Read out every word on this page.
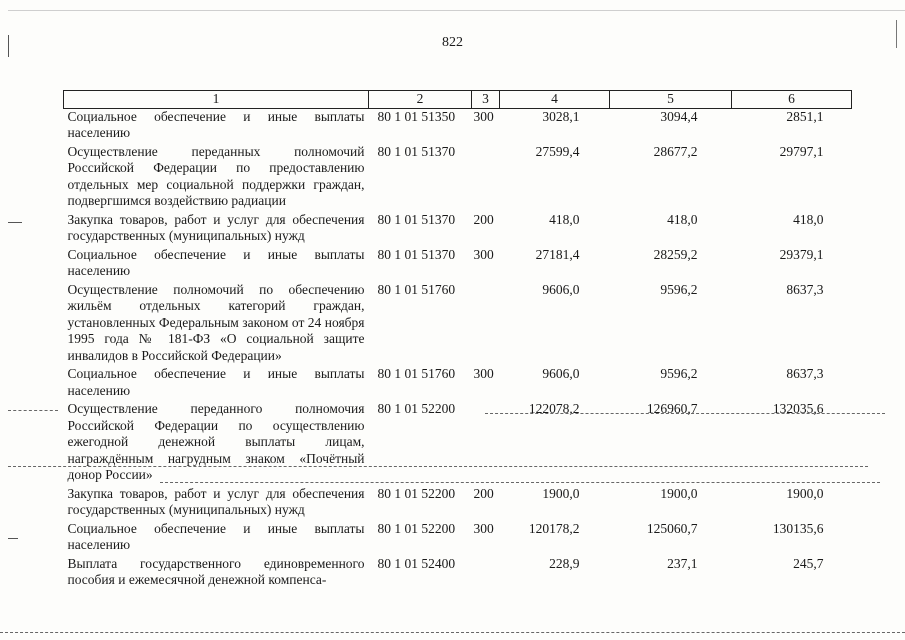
822
1	2	3	4	5	6
Социальное обеспечение и иные выплаты населению	80 1 01 51350	300	3028,1	3094,4	2851,1
Осуществление переданных полномочий Российской Федерации по предоставлению отдельных мер социальной поддержки граждан, подвергшимся воздействию радиации	80 1 01 51370		27599,4	28677,2	29797,1
Закупка товаров, работ и услуг для обеспечения государственных (муниципальных) нужд	80 1 01 51370	200	418,0	418,0	418,0
Социальное обеспечение и иные выплаты населению	80 1 01 51370	300	27181,4	28259,2	29379,1
Осуществление полномочий по обеспечению жильём отдельных категорий граждан, установленных Федеральным законом от 24 ноября 1995 года № 181-ФЗ «О социальной защите инвалидов в Российской Федерации»	80 1 01 51760		9606,0	9596,2	8637,3
Социальное обеспечение и иные выплаты населению	80 1 01 51760	300	9606,0	9596,2	8637,3
Осуществление переданного полномочия Российской Федерации по осуществлению ежегодной денежной выплаты лицам, награждённым нагрудным знаком «Почётный донор России»	80 1 01 52200		122078,2	126960,7	132035,6
Закупка товаров, работ и услуг для обеспечения государственных (муниципальных) нужд	80 1 01 52200	200	1900,0	1900,0	1900,0
Социальное обеспечение и иные выплаты населению	80 1 01 52200	300	120178,2	125060,7	130135,6
Выплата государственного единовременного пособия и ежемесячной денежной компенса-	80 1 01 52400		228,9	237,1	245,7
